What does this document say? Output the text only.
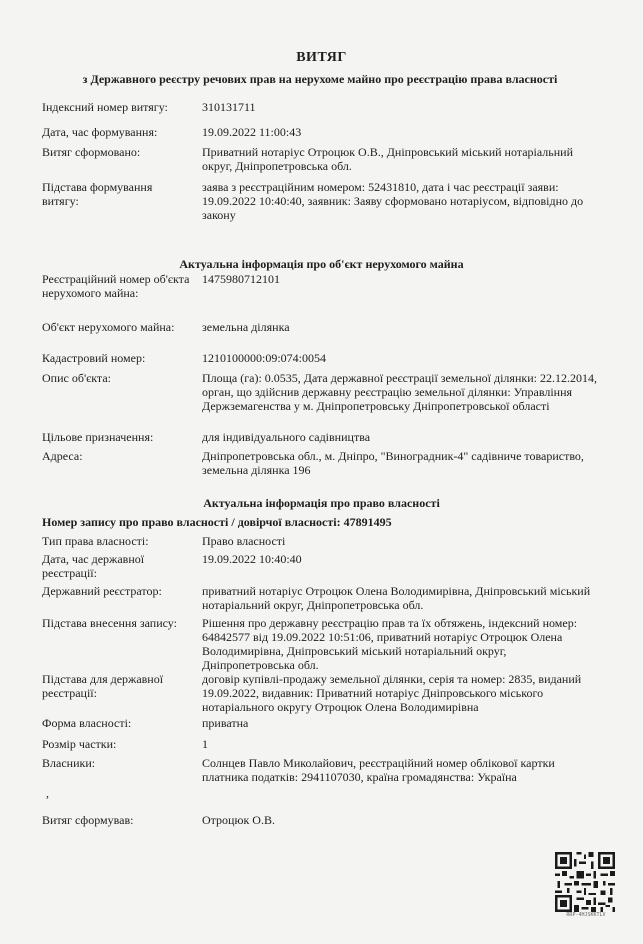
ВИТЯГ
з Державного реєстру речових прав на нерухоме майно про реєстрацію права власності
Індексний номер витягу:	310131711
Дата, час формування:	19.09.2022 11:00:43
Витяг сформовано:	Приватний нотаріус Отроцюк О.В., Дніпровський міський нотаріальний округ, Дніпропетровська обл.
Підстава формування витягу:
заява з реєстраційним номером: 52431810, дата і час реєстрації заяви: 19.09.2022 10:40:40, заявник: Заяву сформовано нотаріусом, відповідно до закону
Актуальна інформація про об'єкт нерухомого майна
Реєстраційний номер об'єкта нерухомого майна:
1475980712101
Об'єкт нерухомого майна:	земельна ділянка
Кадастровий номер:	1210100000:09:074:0054
Опис об'єкта:	Площа (га): 0.0535, Дата державної реєстрації земельної ділянки: 22.12.2014, орган, що здійснив державну реєстрацію земельної ділянки: Управління Держземагенства у м. Дніпропетровську Дніпропетровської області
Цільове призначення:	для індивідуального садівництва
Адреса:	Дніпропетровська обл., м. Дніпро, "Виноградник-4" садівниче товариство, земельна ділянка 196
Актуальна інформація про право власності
Номер запису про право власності / довірчої власності: 47891495
Тип права власності:	Право власності
Дата, час державної реєстрації:
19.09.2022 10:40:40
Державний реєстратор:	приватний нотаріус Отроцюк Олена Володимирівна, Дніпровський міський нотаріальний округ, Дніпропетровська обл.
Підстава внесення запису:	Рішення про державну реєстрацію прав та їх обтяжень, індексний номер: 64842577 від 19.09.2022 10:51:06, приватний нотаріус Отроцюк Олена Володимирівна, Дніпровський міський нотаріальний округ, Дніпропетровська обл.
Підстава для державної реєстрації:
договір купівлі-продажу земельної ділянки, серія та номер: 2835, виданий 19.09.2022, видавник: Приватний нотаріус Дніпровського міського нотаріального округу Отроцюк Олена Володимирівна
Форма власності:	приватна
Розмір частки:	1
Власники:	Солнцев Павло Миколайович, реєстраційний номер облікової картки платника податків: 2941107030, країна громадянства: Україна
,
Витяг сформував:	Отроцюк О.В.
RRP-4HJSKKTLV
